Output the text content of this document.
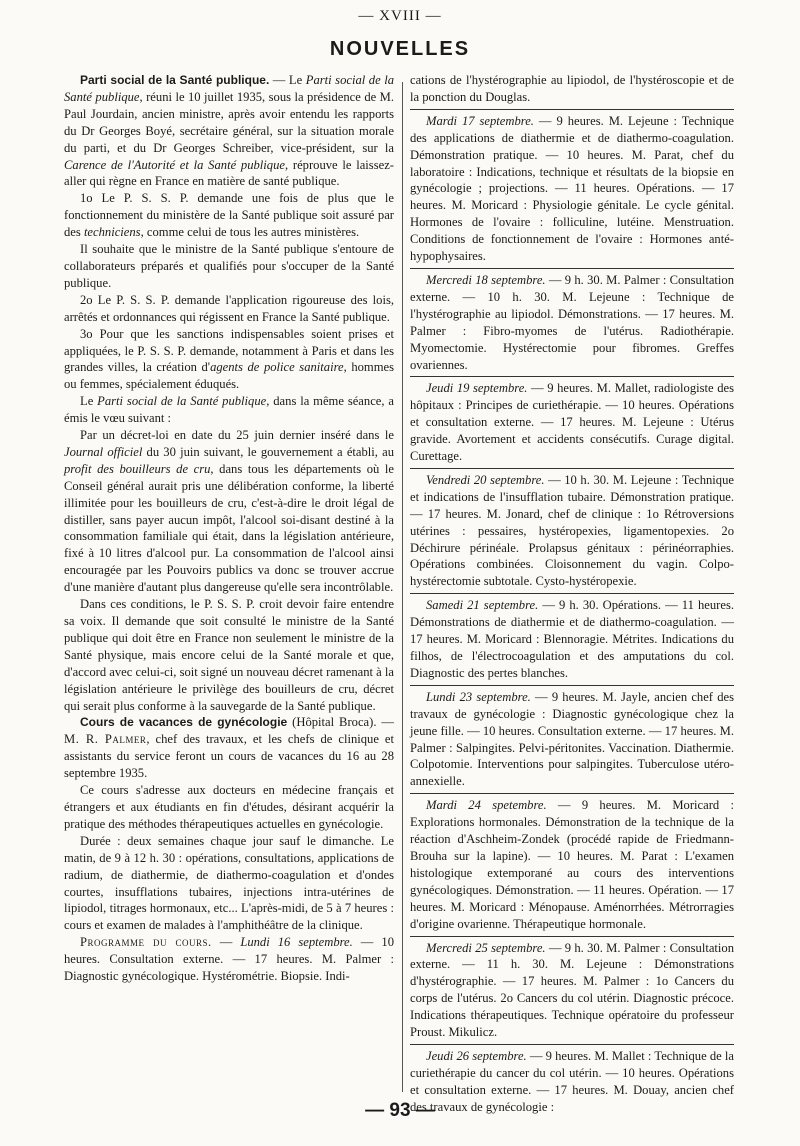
— XVIII —
NOUVELLES

Parti social de la Santé publique. — Le Parti social de la Santé publique, réuni le 10 juillet 1935, sous la présidence de M. Paul Jourdain, ancien ministre, après avoir entendu les rapports du Dr Georges Boyé, secrétaire général, sur la situation morale du parti, et du Dr Georges Schreiber, vice-président, sur la Carence de l'Autorité et la Santé publique, réprouve le laissez-aller qui règne en France en matière de santé publique.

1o Le P. S. S. P. demande une fois de plus que le fonctionnement du ministère de la Santé publique soit assuré par des techniciens, comme celui de tous les autres ministères.

Il souhaite que le ministre de la Santé publique s'entoure de collaborateurs préparés et qualifiés pour s'occuper de la Santé publique.

2o Le P. S. S. P. demande l'application rigoureuse des lois, arrêtés et ordonnances qui régissent en France la Santé publique.

3o Pour que les sanctions indispensables soient prises et appliquées, le P. S. S. P. demande, notamment à Paris et dans les grandes villes, la création d'agents de police sanitaire, hommes ou femmes, spécialement éduqués.

Le Parti social de la Santé publique, dans la même séance, a émis le vœu suivant :

Par un décret-loi en date du 25 juin dernier inséré dans le Journal officiel du 30 juin suivant, le gouvernement a établi, au profit des bouilleurs de cru, dans tous les départements où le Conseil général aurait pris une délibération conforme, la liberté illimitée pour les bouilleurs de cru, c'est-à-dire le droit légal de distiller, sans payer aucun impôt, l'alcool soi-disant destiné à la consommation familiale qui était, dans la législation antérieure, fixé à 10 litres d'alcool pur. La consommation de l'alcool ainsi encouragée par les Pouvoirs publics va donc se trouver accrue d'une manière d'autant plus dangereuse qu'elle sera incontrôlable.

Dans ces conditions, le P. S. S. P. croit devoir faire entendre sa voix. Il demande que soit consulté le ministre de la Santé publique qui doit être en France non seulement le ministre de la Santé physique, mais encore celui de la Santé morale et que, d'accord avec celui-ci, soit signé un nouveau décret ramenant à la législation antérieure le privilège des bouilleurs de cru, décret qui serait plus conforme à la sauvegarde de la Santé publique.

Cours de vacances de gynécologie (Hôpital Broca). — M. R. Palmer, chef des travaux, et les chefs de clinique et assistants du service feront un cours de vacances du 16 au 28 septembre 1935.

Ce cours s'adresse aux docteurs en médecine français et étrangers et aux étudiants en fin d'études, désirant acquérir la pratique des méthodes thérapeutiques actuelles en gynécologie.

Durée : deux semaines chaque jour sauf le dimanche. Le matin, de 9 à 12 h. 30 : opérations, consultations, applications de radium, de diathermie, de diathermo-coagulation et d'ondes courtes, insufflations tubaires, injections intra-utérines de lipiodol, titrages hormonaux, etc... L'après-midi, de 5 à 7 heures : cours et examen de malades à l'amphithéâtre de la clinique.

Programme du cours. — Lundi 16 septembre. — 10 heures. Consultation externe. — 17 heures. M. Palmer : Diagnostic gynécologique. Hystérométrie. Biopsie. Indi-

cations de l'hystérographie au lipiodol, de l'hystéroscopie et de la ponction du Douglas.

Mardi 17 septembre. — 9 heures. M. Lejeune : Technique des applications de diathermie et de diathermo-coagulation. Démonstration pratique. — 10 heures. M. Parat, chef du laboratoire : Indications, technique et résultats de la biopsie en gynécologie ; projections. — 11 heures. Opérations. — 17 heures. M. Moricard : Physiologie génitale. Le cycle génital. Hormones de l'ovaire : folliculine, lutéine. Menstruation. Conditions de fonctionnement de l'ovaire : Hormones anté-hypophysaires.

Mercredi 18 septembre. — 9 h. 30. M. Palmer : Consultation externe. — 10 h. 30. M. Lejeune : Technique de l'hystérographie au lipiodol. Démonstrations. — 17 heures. M. Palmer : Fibro-myomes de l'utérus. Radiothérapie. Myomectomie. Hystérectomie pour fibromes. Greffes ovariennes.

Jeudi 19 septembre. — 9 heures. M. Mallet, radiologiste des hôpitaux : Principes de curiethérapie. — 10 heures. Opérations et consultation externe. — 17 heures. M. Lejeune : Utérus gravide. Avortement et accidents consécutifs. Curage digital. Curettage.

Vendredi 20 septembre. — 10 h. 30. M. Lejeune : Technique et indications de l'insufflation tubaire. Démonstration pratique. — 17 heures. M. Jonard, chef de clinique : 1o Rétroversions utérines : pessaires, hystéropexies, ligamentopexies. 2o Déchirure périnéale. Prolapsus génitaux : périnéorraphies. Opérations combinées. Cloisonnement du vagin. Colpo-hystérectomie subtotale. Cysto-hystéropexie.

Samedi 21 septembre. — 9 h. 30. Opérations. — 11 heures. Démonstrations de diathermie et de diathermo-coagulation. — 17 heures. M. Moricard : Blennoragie. Métrites. Indications du filhos, de l'électrocoagulation et des amputations du col. Diagnostic des pertes blanches.

Lundi 23 septembre. — 9 heures. M. Jayle, ancien chef des travaux de gynécologie : Diagnostic gynécologique chez la jeune fille. — 10 heures. Consultation externe. — 17 heures. M. Palmer : Salpingites. Pelvi-péritonites. Vaccination. Diathermie. Colpotomie. Interventions pour salpingites. Tuberculose utéro-annexielle.

Mardi 24 spetembre. — 9 heures. M. Moricard : Explorations hormonales. Démonstration de la technique de la réaction d'Aschheim-Zondek (procédé rapide de Friedmann-Brouha sur la lapine). — 10 heures. M. Parat : L'examen histologique extemporané au cours des interventions gynécologiques. Démonstration. — 11 heures. Opération. — 17 heures. M. Moricard : Ménopause. Aménorrhées. Métrorragies d'origine ovarienne. Thérapeutique hormonale.

Mercredi 25 septembre. — 9 h. 30. M. Palmer : Consultation externe. — 11 h. 30. M. Lejeune : Démonstrations d'hystérographie. — 17 heures. M. Palmer : 1o Cancers du corps de l'utérus. 2o Cancers du col utérin. Diagnostic précoce. Indications thérapeutiques. Technique opératoire du professeur Proust. Mikulicz.

Jeudi 26 septembre. — 9 heures. M. Mallet : Technique de la curiethérapie du cancer du col utérin. — 10 heures. Opérations et consultation externe. — 17 heures. M. Douay, ancien chef des travaux de gynécologie :

— 93 —
